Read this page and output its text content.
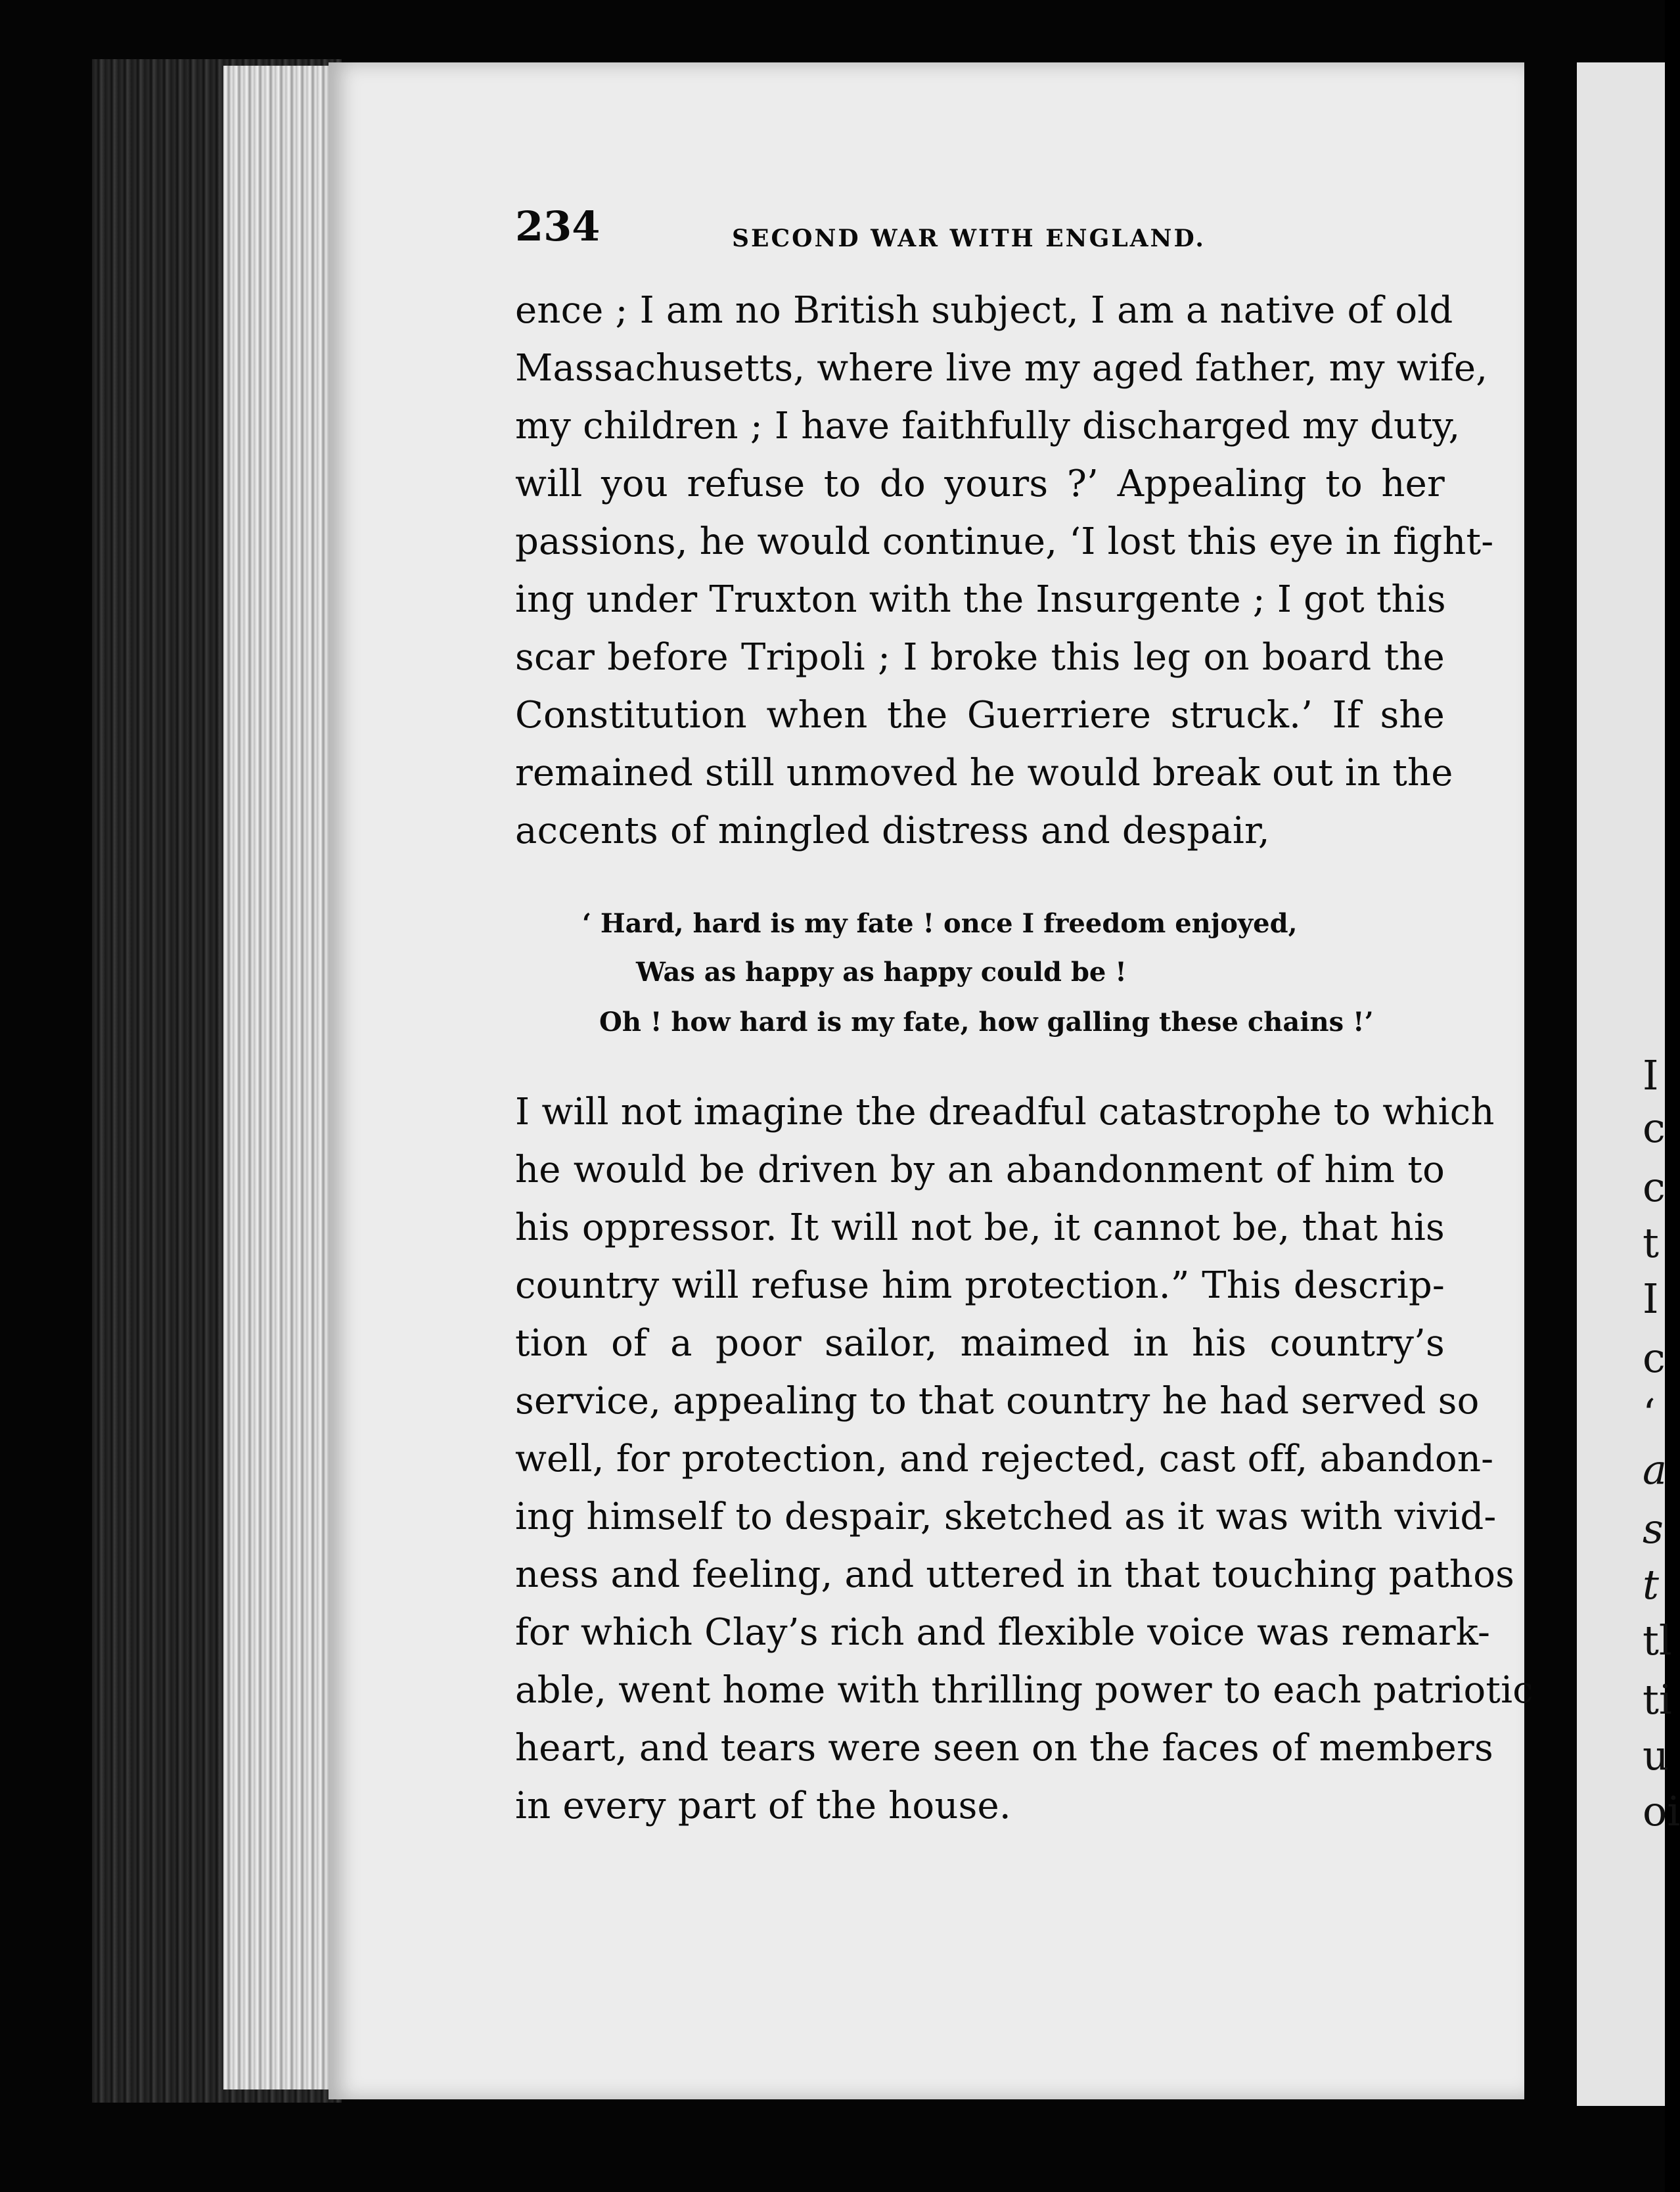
234	SECOND WAR WITH ENGLAND.
ence ; I am no British subject, I am a native of old
Massachusetts, where live my aged father, my wife,
my children ; I have faithfully discharged my duty,
will you refuse to do yours ?’ Appealing to her
passions, he would continue, ‘I lost this eye in fight-
ing under Truxton with the Insurgente ; I got this
scar before Tripoli ; I broke this leg on board the
Constitution when the Guerriere struck.’ If she
remained still unmoved he would break out in the
accents of mingled distress and despair,
‘ Hard, hard is my fate ! once I freedom enjoyed,
Was as happy as happy could be !
Oh ! how hard is my fate, how galling these chains !’
I will not imagine the dreadful catastrophe to which
he would be driven by an abandonment of him to
his oppressor. It will not be, it cannot be, that his
country will refuse him protection.” This descrip-
tion of a poor sailor, maimed in his country’s
service, appealing to that country he had served so
well, for protection, and rejected, cast off, abandon-
ing himself to despair, sketched as it was with vivid-
ness and feeling, and uttered in that touching pathos
for which Clay’s rich and flexible voice was remark-
able, went home with thrilling power to each patriotic
heart, and tears were seen on the faces of members
in every part of the house.
I
c
c
t
I
c
‘
a
s
t
tl
ti
u
oi
